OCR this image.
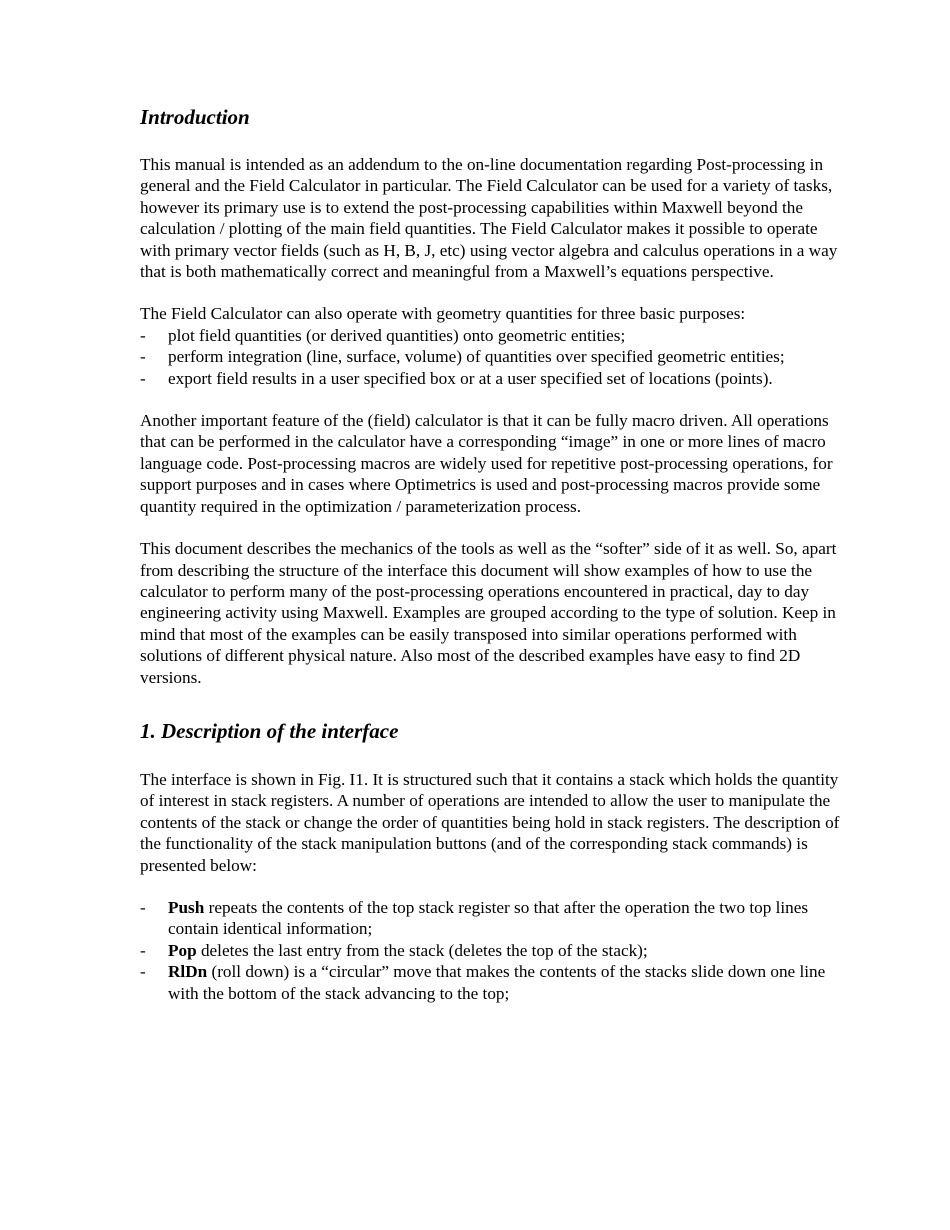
Introduction

This manual is intended as an addendum to the on-line documentation regarding Post-processing in general and the Field Calculator in particular. The Field Calculator can be used for a variety of tasks, however its primary use is to extend the post-processing capabilities within Maxwell beyond the calculation / plotting of the main field quantities. The Field Calculator makes it possible to operate with primary vector fields (such as H, B, J, etc) using vector algebra and calculus operations in a way that is both mathematically correct and meaningful from a Maxwell’s equations perspective.

The Field Calculator can also operate with geometry quantities for three basic purposes:

- plot field quantities (or derived quantities) onto geometric entities;
- perform integration (line, surface, volume) of quantities over specified geometric entities;
- export field results in a user specified box or at a user specified set of locations (points).

Another important feature of the (field) calculator is that it can be fully macro driven. All operations that can be performed in the calculator have a corresponding “image” in one or more lines of macro language code. Post-processing macros are widely used for repetitive post-processing operations, for support purposes and in cases where Optimetrics is used and post-processing macros provide some quantity required in the optimization / parameterization process.

This document describes the mechanics of the tools as well as the “softer” side of it as well. So, apart from describing the structure of the interface this document will show examples of how to use the calculator to perform many of the post-processing operations encountered in practical, day to day engineering activity using Maxwell. Examples are grouped according to the type of solution. Keep in mind that most of the examples can be easily transposed into similar operations performed with solutions of different physical nature. Also most of the described examples have easy to find 2D versions.

1. Description of the interface

The interface is shown in Fig. I1. It is structured such that it contains a stack which holds the quantity of interest in stack registers. A number of operations are intended to allow the user to manipulate the contents of the stack or change the order of quantities being hold in stack registers. The description of the functionality of the stack manipulation buttons (and of the corresponding stack commands) is presented below:

- Push repeats the contents of the top stack register so that after the operation the two top lines contain identical information;
- Pop deletes the last entry from the stack (deletes the top of the stack);
- RlDn (roll down) is a “circular” move that makes the contents of the stacks slide down one line with the bottom of the stack advancing to the top;
